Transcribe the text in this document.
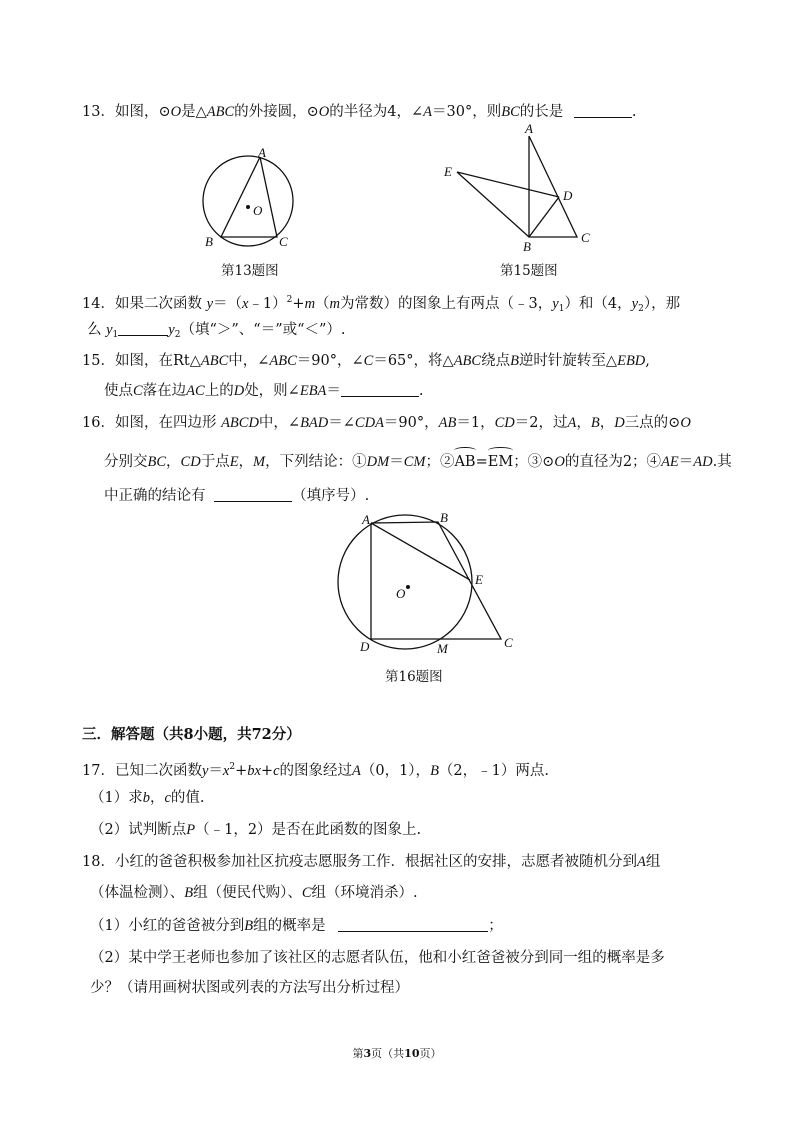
13．如图，⊙O是△ABC的外接圆，⊙O的半径为4，∠A＝30°，则BC的长是	.
A
B	C
O
第13题图
A
E
D
B
C
第15题图
14．如果二次函数 y＝（x﹣1）$^2$+m（m为常数）的图象上有两点（﹣3，$y_1$）和（4，$y_2$），那
么 $y_1$	$y_2$（填“＞”、“＝”或“＜”）.
15．如图，在Rt△ABC中，∠ABC＝90°，∠C＝65°，将△ABC绕点B逆时针旋转至△EBD,
使点C落在边AC上的D处，则∠EBA＝	.
16．如图，在四边形 ABCD中，∠BAD＝∠CDA＝90°，AB＝1，CD＝2，过A，B，D三点的⊙O
分别交BC，CD于点E，M，下列结论：①DM＝CM；②AB=EM；③⊙O的直径为2；④AE＝AD.其
中正确的结论有	（填序号）.
A	B
E
O
D	M	C
第16题图
三．解答题（共8小题，共72分）
17．已知二次函数$y=x^2+bx+c$的图象经过A（0，1），B（2，﹣1）两点.
（1）求b，c的值.
（2）试判断点P（﹣1，2）是否在此函数的图象上.
18．小红的爸爸积极参加社区抗疫志愿服务工作．根据社区的安排，志愿者被随机分到A组
（体温检测）、B组（便民代购）、C组（环境消杀）.
（1）小红的爸爸被分到B组的概率是	；
（2）某中学王老师也参加了该社区的志愿者队伍，他和小红爸爸被分到同一组的概率是多
少？（请用画树状图或列表的方法写出分析过程）
第3页（共10页）
